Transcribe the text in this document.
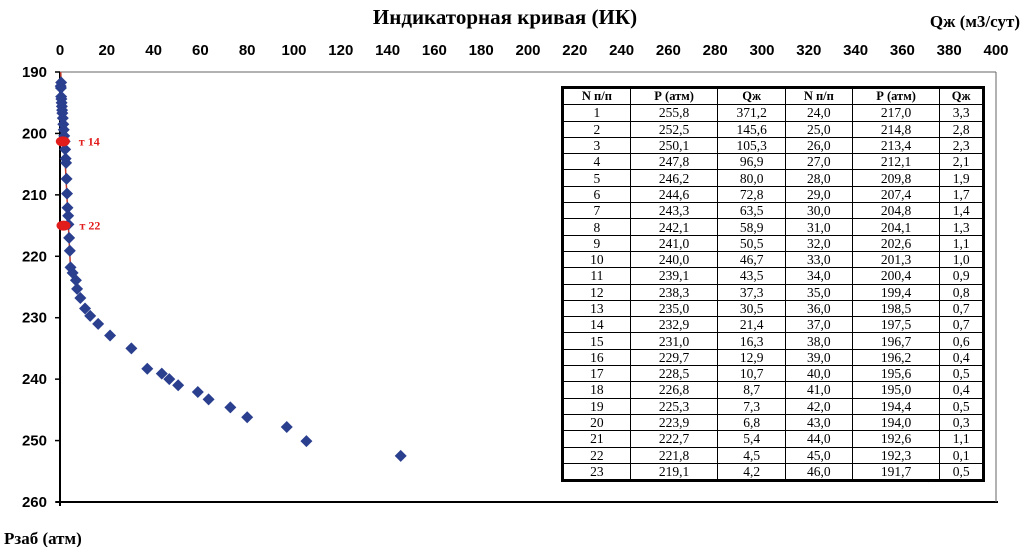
Индикаторная кривая (ИК)	Qж (м3/сут)
Рзаб (атм)
0 20 40 60 80 100 120 140 160 180 200 220 240 260 280 300 320 340 360 380 400
190
200
210
220
230
240
250
260
т 14
т 22
N п/п	Р (атм)	Qж	N п/п	Р (атм)	Qж
1	255,8	371,2	24,0	217,0	3,3
2	252,5	145,6	25,0	214,8	2,8
3	250,1	105,3	26,0	213,4	2,3
4	247,8	96,9	27,0	212,1	2,1
5	246,2	80,0	28,0	209,8	1,9
6	244,6	72,8	29,0	207,4	1,7
7	243,3	63,5	30,0	204,8	1,4
8	242,1	58,9	31,0	204,1	1,3
9	241,0	50,5	32,0	202,6	1,1
10	240,0	46,7	33,0	201,3	1,0
11	239,1	43,5	34,0	200,4	0,9
12	238,3	37,3	35,0	199,4	0,8
13	235,0	30,5	36,0	198,5	0,7
14	232,9	21,4	37,0	197,5	0,7
15	231,0	16,3	38,0	196,7	0,6
16	229,7	12,9	39,0	196,2	0,4
17	228,5	10,7	40,0	195,6	0,5
18	226,8	8,7	41,0	195,0	0,4
19	225,3	7,3	42,0	194,4	0,5
20	223,9	6,8	43,0	194,0	0,3
21	222,7	5,4	44,0	192,6	1,1
22	221,8	4,5	45,0	192,3	0,1
23	219,1	4,2	46,0	191,7	0,5
